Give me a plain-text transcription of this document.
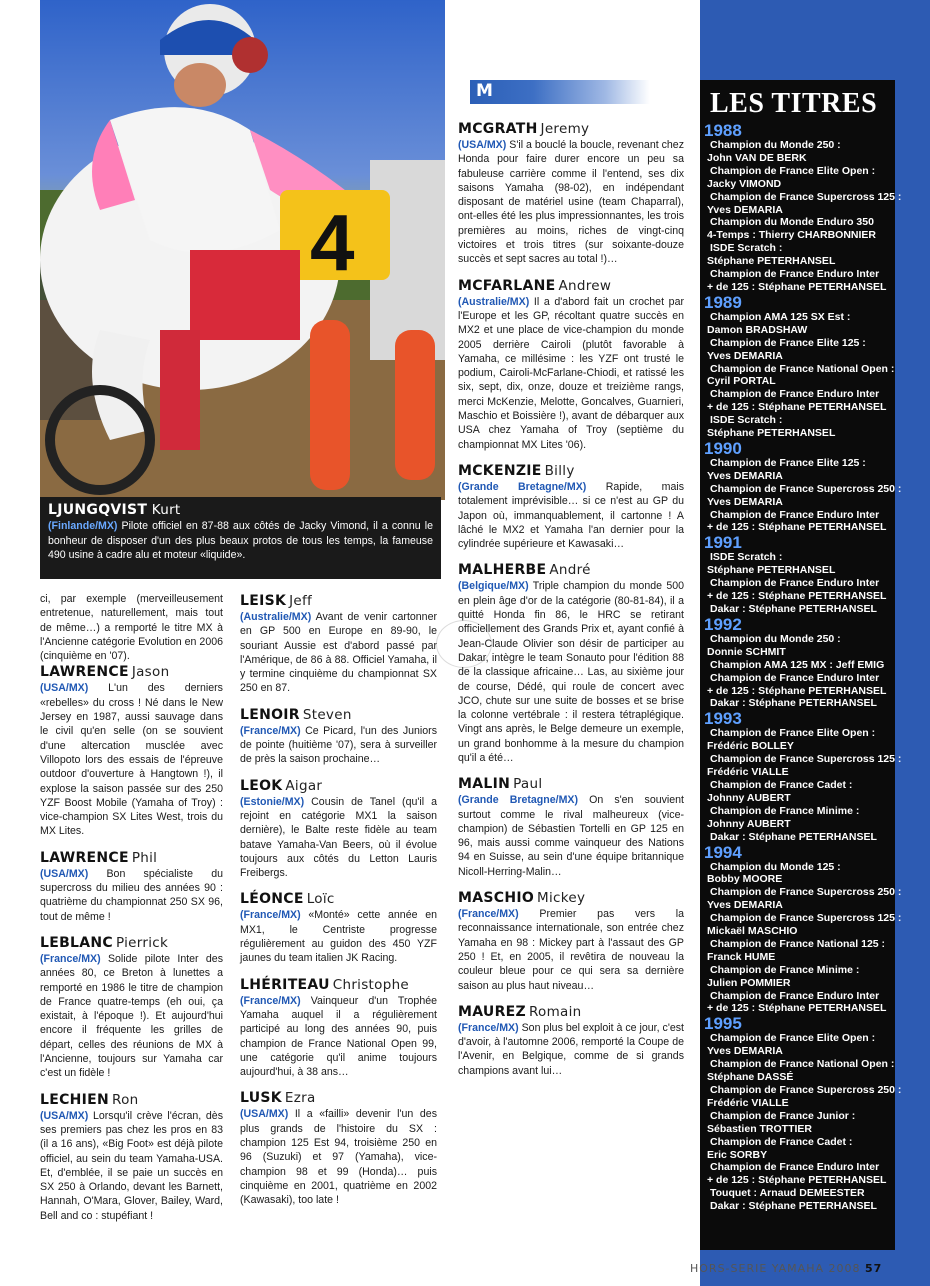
4
LJUNGQVIST Kurt

(Finlande/MX) Pilote officiel en 87-88 aux côtés de Jacky Vimond, il a connu le bonheur de disposer d'un des plus beaux protos de tous les temps, la fameuse 490 usine à cadre alu et moteur «liquide».

ci, par exemple (merveilleusement entretenue, naturellement, mais tout de même…) a remporté le titre MX à l'Ancienne catégorie Evolution en 2006 (cinquième en '07).

LAWRENCE Jason

(USA/MX) L'un des derniers «rebelles» du cross ! Né dans le New Jersey en 1987, aussi sauvage dans le civil qu'en selle (on se souvient d'une altercation musclée avec Villopoto lors des essais de l'épreuve outdoor d'ouverture à Hangtown !), il explose la saison passée sur des 250 YZF Boost Mobile (Yamaha of Troy) : vice-champion SX Lites West, trois du MX Lites.

LAWRENCE Phil

(USA/MX) Bon spécialiste du supercross du milieu des années 90 : quatrième du championnat 250 SX 96, tout de même !

LEBLANC Pierrick

(France/MX) Solide pilote Inter des années 80, ce Breton à lunettes a remporté en 1986 le titre de champion de France quatre-temps (eh oui, ça existait, à l'époque !). Et aujourd'hui encore il fréquente les grilles de départ, celles des réunions de MX à l'Ancienne, toujours sur Yamaha car c'est un fidèle !

LECHIEN Ron

(USA/MX) Lorsqu'il crève l'écran, dès ses premiers pas chez les pros en 83 (il a 16 ans), «Big Foot» est déjà pilote officiel, au sein du team Yamaha-USA. Et, d'emblée, il se paie un succès en SX 250 à Orlando, devant les Barnett, Hannah, O'Mara, Glover, Bailey, Ward, Bell and co : stupéfiant !

LEISK Jeff

(Australie/MX) Avant de venir cartonner en GP 500 en Europe en 89-90, le souriant Aussie est d'abord passé par l'Amérique, de 86 à 88. Officiel Yamaha, il y termine cinquième du championnat SX 250 en 87.

LENOIR Steven

(France/MX) Ce Picard, l'un des Juniors de pointe (huitième '07), sera à surveiller de près la saison prochaine…

LEOK Aigar

(Estonie/MX) Cousin de Tanel (qu'il a rejoint en catégorie MX1 la saison dernière), le Balte reste fidèle au team batave Yamaha-Van Beers, où il évolue toujours aux côtés du Letton Lauris Freibergs.

LÉONCE Loïc

(France/MX) «Monté» cette année en MX1, le Centriste progresse régulièrement au guidon des 450 YZF jaunes du team italien JK Racing.

LHÉRITEAU Christophe

(France/MX) Vainqueur d'un Trophée Yamaha auquel il a régulièrement participé au long des années 90, puis champion de France National Open 99, une catégorie qu'il anime toujours aujourd'hui, à 38 ans…

LUSK Ezra

(USA/MX) Il a «failli» devenir l'un des plus grands de l'histoire du SX : champion 125 Est 94, troisième 250 en 96 (Suzuki) et 97 (Yamaha), vice-champion 98 et 99 (Honda)… puis cinquième en 2001, quatrième en 2002 (Kawasaki), too late !

M
MCGRATH Jeremy

(USA/MX) S'il a bouclé la boucle, revenant chez Honda pour faire durer encore un peu sa fabuleuse carrière comme il l'entend, ses dix saisons Yamaha (98-02), en indépendant disposant de matériel usine (team Chaparral), ont-elles été les plus impressionnantes, les trois premières au moins, riches de vingt-cinq victoires et trois titres (sur soixante-douze succès et sept sacres au total !)…

MCFARLANE Andrew

(Australie/MX) Il a d'abord fait un crochet par l'Europe et les GP, récoltant quatre succès en MX2 et une place de vice-champion du monde 2005 derrière Cairoli (plutôt favorable à Yamaha, ce millésime : les YZF ont trusté le podium, Cairoli-McFarlane-Chiodi, et ratissé les six, sept, dix, onze, douze et treizième rangs, merci McKenzie, Melotte, Goncalves, Guarnieri, Maschio et Boissière !), avant de débarquer aux USA chez Yamaha of Troy (septième du championnat MX Lites '06).

MCKENZIE Billy

(Grande Bretagne/MX) Rapide, mais totalement imprévisible… si ce n'est au GP du Japon où, immanquablement, il cartonne ! A lâché le MX2 et Yamaha l'an dernier pour la cylindrée supérieure et Kawasaki…

MALHERBE André

(Belgique/MX) Triple champion du monde 500 en plein âge d'or de la catégorie (80-81-84), il a quitté Honda fin 86, le HRC se retirant officiellement des Grands Prix et, ayant confié à Jean-Claude Olivier son désir de participer au Dakar, intègre le team Sonauto pour l'édition 88 de la classique africaine… Las, au sixième jour de course, Dédé, qui roule de concert avec JCO, chute sur une suite de bosses et se brise la colonne vertébrale : il restera tétraplégique. Vingt ans après, le Belge demeure un exemple, un grand bonhomme à la mesure du champion qu'il a été…

MALIN Paul

(Grande Bretagne/MX) On s'en souvient surtout comme le rival malheureux (vice-champion) de Sébastien Tortelli en GP 125 en 96, mais aussi comme vainqueur des Nations 94 en Suisse, au sein d'une équipe britannique Nicoll-Herring-Malin…

MASCHIO Mickey

(France/MX) Premier pas vers la reconnaissance internationale, son entrée chez Yamaha en 98 : Mickey part à l'assaut des GP 250 ! Et, en 2005, il revêtira de nouveau la couleur bleue pour ce qui sera sa dernière saison au plus haut niveau…

MAUREZ Romain

(France/MX) Son plus bel exploit à ce jour, c'est d'avoir, à l'automne 2006, remporté la Coupe de l'Avenir, en Belgique, comme de si grands champions avant lui…

LES TITRES
1988
Champion du Monde 250 :
John VAN DE BERK
Champion de France Elite Open :
Jacky VIMOND
Champion de France Supercross 125 :
Yves DEMARIA
Champion du Monde Enduro 350
4-Temps : Thierry CHARBONNIER
ISDE Scratch :
Stéphane PETERHANSEL
Champion de France Enduro Inter
+ de 125 : Stéphane PETERHANSEL
1989
Champion AMA 125 SX Est :
Damon BRADSHAW
Champion de France Elite 125 :
Yves DEMARIA
Champion de France National Open :
Cyril PORTAL
Champion de France Enduro Inter
+ de 125 : Stéphane PETERHANSEL
ISDE Scratch :
Stéphane PETERHANSEL
1990
Champion de France Elite 125 :
Yves DEMARIA
Champion de France Supercross 250 :
Yves DEMARIA
Champion de France Enduro Inter
+ de 125 : Stéphane PETERHANSEL
1991
ISDE Scratch :
Stéphane PETERHANSEL
Champion de France Enduro Inter
+ de 125 : Stéphane PETERHANSEL
Dakar : Stéphane PETERHANSEL
1992
Champion du Monde 250 :
Donnie SCHMIT
Champion AMA 125 MX : Jeff EMIG
Champion de France Enduro Inter
+ de 125 : Stéphane PETERHANSEL
Dakar : Stéphane PETERHANSEL
1993
Champion de France Elite Open :
Frédéric BOLLEY
Champion de France Supercross 125 :
Frédéric VIALLE
Champion de France Cadet :
Johnny AUBERT
Champion de France Minime :
Johnny AUBERT
Dakar : Stéphane PETERHANSEL
1994
Champion du Monde 125 :
Bobby MOORE
Champion de France Supercross 250 :
Yves DEMARIA
Champion de France Supercross 125 :
Mickaël MASCHIO
Champion de France National 125 :
Franck HUME
Champion de France Minime :
Julien POMMIER
Champion de France Enduro Inter
+ de 125 : Stéphane PETERHANSEL
1995
Champion de France Elite Open :
Yves DEMARIA
Champion de France National Open :
Stéphane DASSÉ
Champion de France Supercross 250 :
Frédéric VIALLE
Champion de France Junior :
Sébastien TROTTIER
Champion de France Cadet :
Eric SORBY
Champion de France Enduro Inter
+ de 125 : Stéphane PETERHANSEL
Touquet : Arnaud DEMEESTER
Dakar : Stéphane PETERHANSEL
HORS-SERIE YAMAHA 2008 57
